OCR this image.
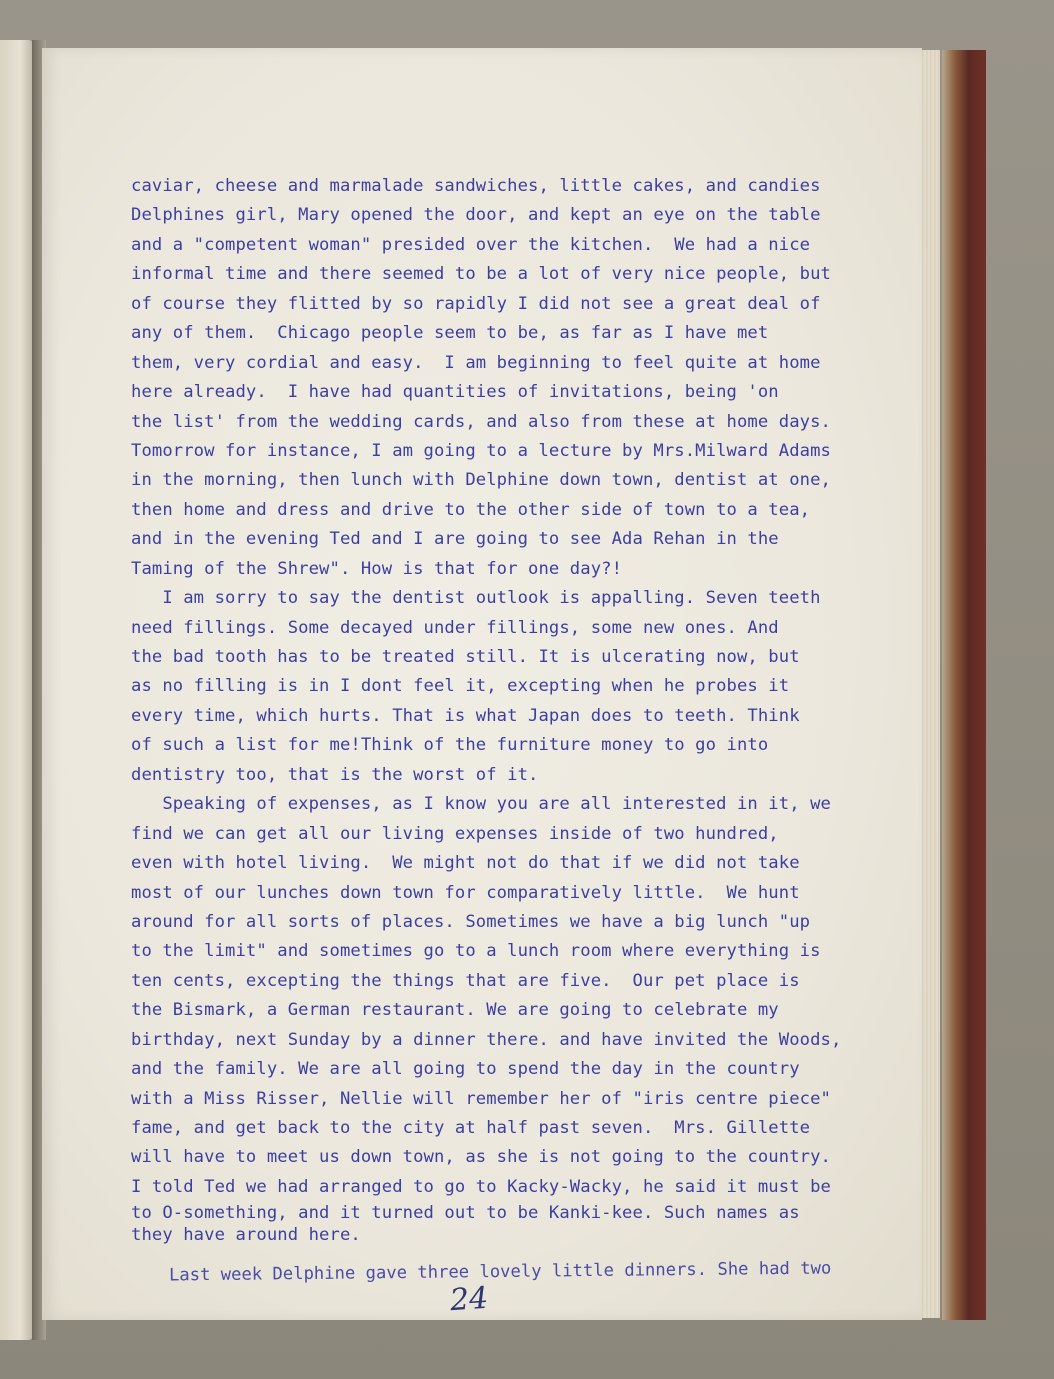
caviar, cheese and marmalade sandwiches, little cakes, and candies
Delphines girl, Mary opened the door, and kept an eye on the table
and a "competent woman" presided over the kitchen.  We had a nice
informal time and there seemed to be a lot of very nice people, but
of course they flitted by so rapidly I did not see a great deal of
any of them.  Chicago people seem to be, as far as I have met
them, very cordial and easy.  I am beginning to feel quite at home
here already.  I have had quantities of invitations, being 'on
the list' from the wedding cards, and also from these at home days.
Tomorrow for instance, I am going to a lecture by Mrs.Milward Adams
in the morning, then lunch with Delphine down town, dentist at one,
then home and dress and drive to the other side of town to a tea,
and in the evening Ted and I are going to see Ada Rehan in the
Taming of the Shrew". How is that for one day?!
I am sorry to say the dentist outlook is appalling. Seven teeth
need fillings. Some decayed under fillings, some new ones. And
the bad tooth has to be treated still. It is ulcerating now, but
as no filling is in I dont feel it, excepting when he probes it
every time, which hurts. That is what Japan does to teeth. Think
of such a list for me!Think of the furniture money to go into
dentistry too, that is the worst of it.
Speaking of expenses, as I know you are all interested in it, we
find we can get all our living expenses inside of two hundred,
even with hotel living.  We might not do that if we did not take
most of our lunches down town for comparatively little.  We hunt
around for all sorts of places. Sometimes we have a big lunch "up
to the limit" and sometimes go to a lunch room where everything is
ten cents, excepting the things that are five.  Our pet place is
the Bismark, a German restaurant. We are going to celebrate my
birthday, next Sunday by a dinner there. and have invited the Woods,
and the family. We are all going to spend the day in the country
with a Miss Risser, Nellie will remember her of "iris centre piece"
fame, and get back to the city at half past seven.  Mrs. Gillette
will have to meet us down town, as she is not going to the country.
I told Ted we had arranged to go to Kacky-Wacky, he said it must be
to O-something, and it turned out to be Kanki-kee. Such names as
they have around here.
Last week Delphine gave three lovely little dinners. She had two
24
